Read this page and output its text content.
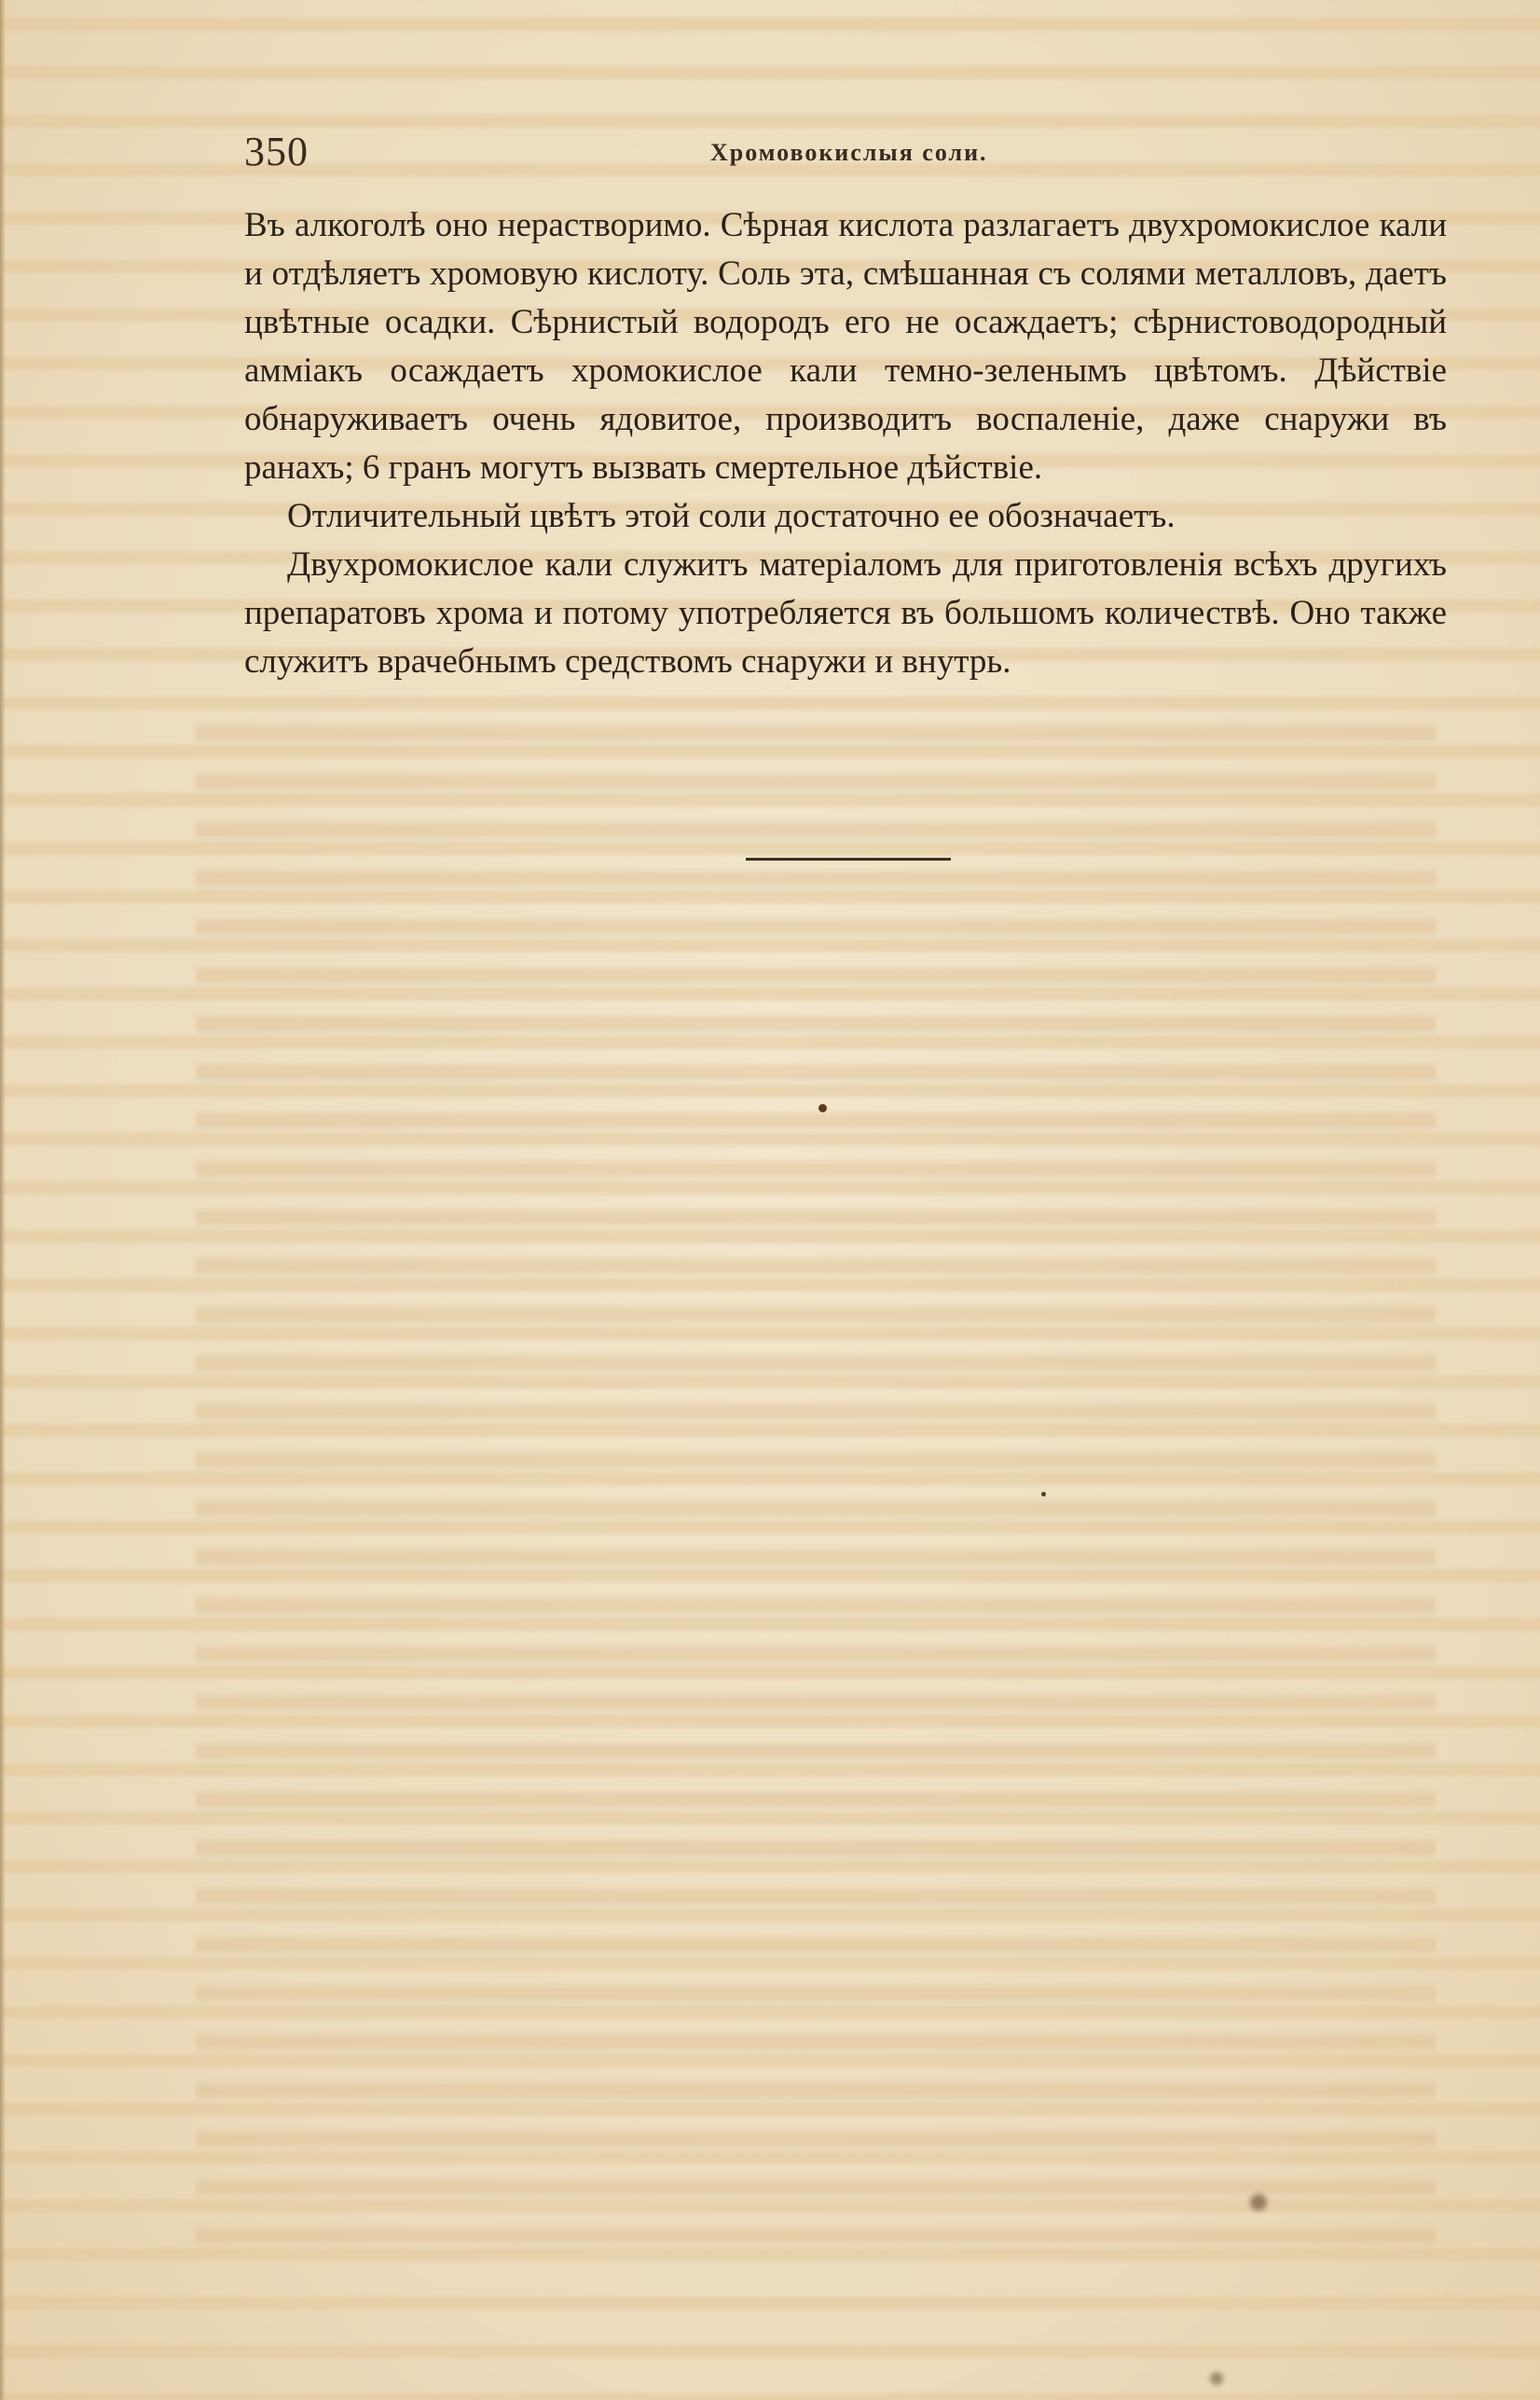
350	Хромовокислыя соли.

Въ алкоголѣ оно нерастворимо. Сѣрная кислота разлагаетъ двухромокислое кали и отдѣляетъ хромовую кислоту. Соль эта, смѣшанная съ солями металловъ, даетъ цвѣтные осадки. Сѣрнистый водородъ его не осаждаетъ; сѣрнистоводородный аммiакъ осаждаетъ хромокислое кали темно-зеленымъ цвѣтомъ. Дѣйствiе обнаруживаетъ очень ядовитое, производитъ воспаленiе, даже снаружи въ ранахъ; 6 гранъ могутъ вызвать смертельное дѣйствiе.

Отличительный цвѣтъ этой соли достаточно ее обозначаетъ.

Двухромокислое кали служитъ матерiаломъ для приготовленiя всѣхъ другихъ препаратовъ хрома и потому употребляется въ большомъ количествѣ. Оно также служитъ врачебнымъ средствомъ снаружи и внутрь.
